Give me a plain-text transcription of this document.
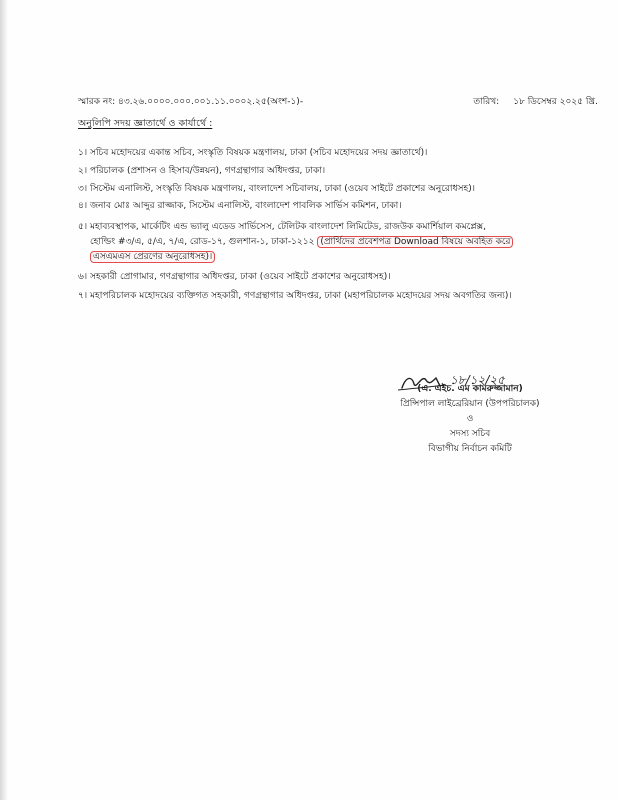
স্মারক নং: ৪৩.২৬.০০০০.০০০.০০১.১১.০০০২.২৫(অংশ-১)-	তারিখ: ১৮ ডিসেম্বর ২০২৫ খ্রি.
অনুলিপি সদয় জ্ঞাতার্থে ও কার্যার্থে :
১। সচিব মহোদয়ের একান্ত সচিব, সংস্কৃতি বিষয়ক মন্ত্রণালয়, ঢাকা (সচিব মহোদয়ের সদয় জ্ঞাতার্থে)।
২। পরিচালক (প্রশাসন ও হিসাব/উন্নয়ন), গণগ্রন্থাগার অধিদপ্তর, ঢাকা।
৩। সিস্টেম এনালিস্ট, সংস্কৃতি বিষয়ক মন্ত্রণালয়, বাংলাদেশ সচিবালয়, ঢাকা (ওয়েব সাইটে প্রকাশের অনুরোধসহ)।
৪। জনাব মোঃ আব্দুর রাজ্জাক, সিস্টেম এনালিস্ট, বাংলাদেশ পাবলিক সার্ভিস কমিশন, ঢাকা।
৫। মহাব্যবস্থাপক, মার্কেটিং এন্ড ভ্যালু এডেড সার্ভিসেস, টেলিটক বাংলাদেশ লিমিটেড, রাজউক কমার্শিয়াল কমপ্লেক্স,
হোল্ডিং #৩/এ, ৫/এ, ৭/এ, রোড-১৭, গুলশান-১, ঢাকা-১২১২ (প্রার্থিদের প্রবেশপত্র Download বিষয়ে অবহিত করে
এসএমএস প্রেরণের অনুরোধসহ)।
৬। সহকারী প্রোগামার, গণগ্রন্থাগার অধিদপ্তর, ঢাকা (ওয়েব সাইটে প্রকাশের অনুরোধসহ)।
৭। মহাপরিচালক মহোদয়ের ব্যক্তিগত সহকারী, গণগ্রন্থাগার অধিদপ্তর, ঢাকা (মহাপরিচালক মহোদয়ের সদয় অবগতির জন্য)।
১৮/১২/২৫
(এ. এইচ. এম কামরুজ্জামান)
প্রিন্সিপাল লাইব্রেরিয়ান (উপপরিচালক)
ও
সদস্য সচিব
বিভাগীয় নির্বাচন কমিটি
